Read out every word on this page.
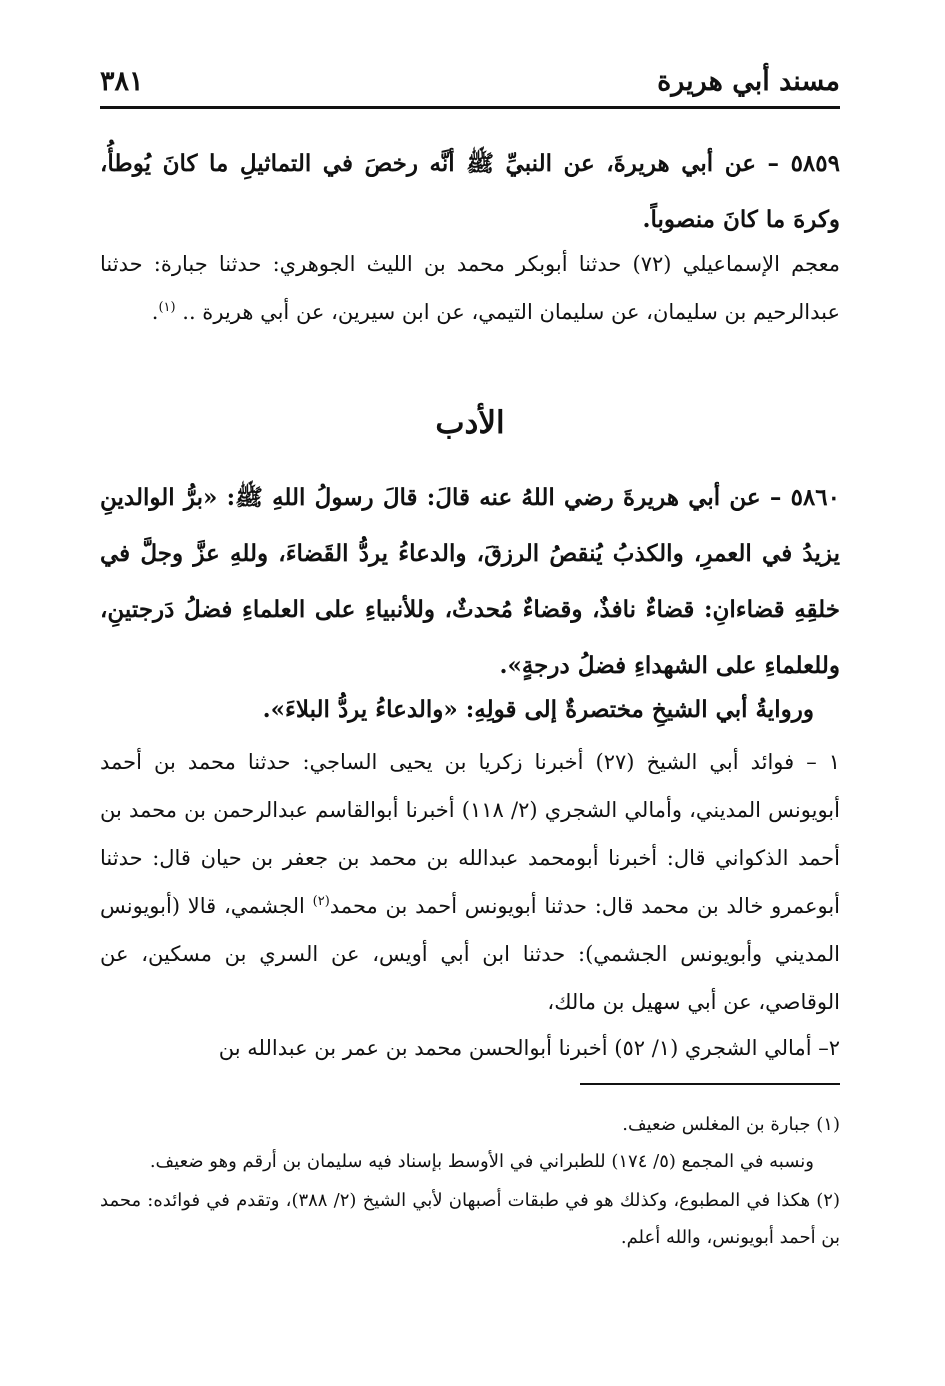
مسند أبي هريرة
٣٨١
٥٨٥٩ – عن أبي هريرةَ، عن النبيِّ ﷺ أنَّه رخصَ في التماثيلِ ما كانَ يُوطأُ، وكرهَ ما كانَ منصوباً.
معجم الإسماعيلي (٧٢) حدثنا أبوبكر محمد بن الليث الجوهري: حدثنا جبارة: حدثنا عبدالرحيم بن سليمان، عن سليمان التيمي، عن ابن سيرين، عن أبي هريرة .. $^{(١)}$.
الأدب
٥٨٦٠ – عن أبي هريرةَ رضي اللهُ عنه قالَ: قالَ رسولُ اللهِ ﷺ: «برُّ الوالدينِ يزيدُ في العمرِ، والكذبُ يُنقصُ الرزقَ، والدعاءُ يردُّ القَضاءَ، وللهِ عزَّ وجلَّ في خلقِهِ قضاءانِ: قضاءٌ نافذٌ، وقضاءٌ مُحدثٌ، وللأنبياءِ على العلماءِ فضلُ دَرجتينِ، وللعلماءِ على الشهداءِ فضلُ درجةٍ».
وروايةُ أبي الشيخِ مختصرةٌ إلى قولِهِ: «والدعاءُ يردُّ البلاءَ».
١ – فوائد أبي الشيخ (٢٧) أخبرنا زكريا بن يحيى الساجي: حدثنا محمد بن أحمد أبويونس المديني، وأمالي الشجري (٢/ ١١٨) أخبرنا أبوالقاسم عبدالرحمن بن محمد بن أحمد الذكواني قال: أخبرنا أبومحمد عبدالله بن محمد بن جعفر بن حيان قال: حدثنا أبوعمرو خالد بن محمد قال: حدثنا أبويونس أحمد بن محمد$^{(٢)}$ الجشمي، قالا (أبويونس المديني وأبويونس الجشمي): حدثنا ابن أبي أويس، عن السري بن مسكين، عن الوقاصي، عن أبي سهيل بن مالك،
٢– أمالي الشجري (١/ ٥٢) أخبرنا أبوالحسن محمد بن عمر بن عبدالله بن
(١) جبارة بن المغلس ضعيف.
ونسبه في المجمع (٥/ ١٧٤) للطبراني في الأوسط بإسناد فيه سليمان بن أرقم وهو ضعيف.
(٢) هكذا في المطبوع، وكذلك هو في طبقات أصبهان لأبي الشيخ (٢/ ٣٨٨)، وتقدم في فوائده: محمد بن أحمد أبويونس، والله أعلم.
